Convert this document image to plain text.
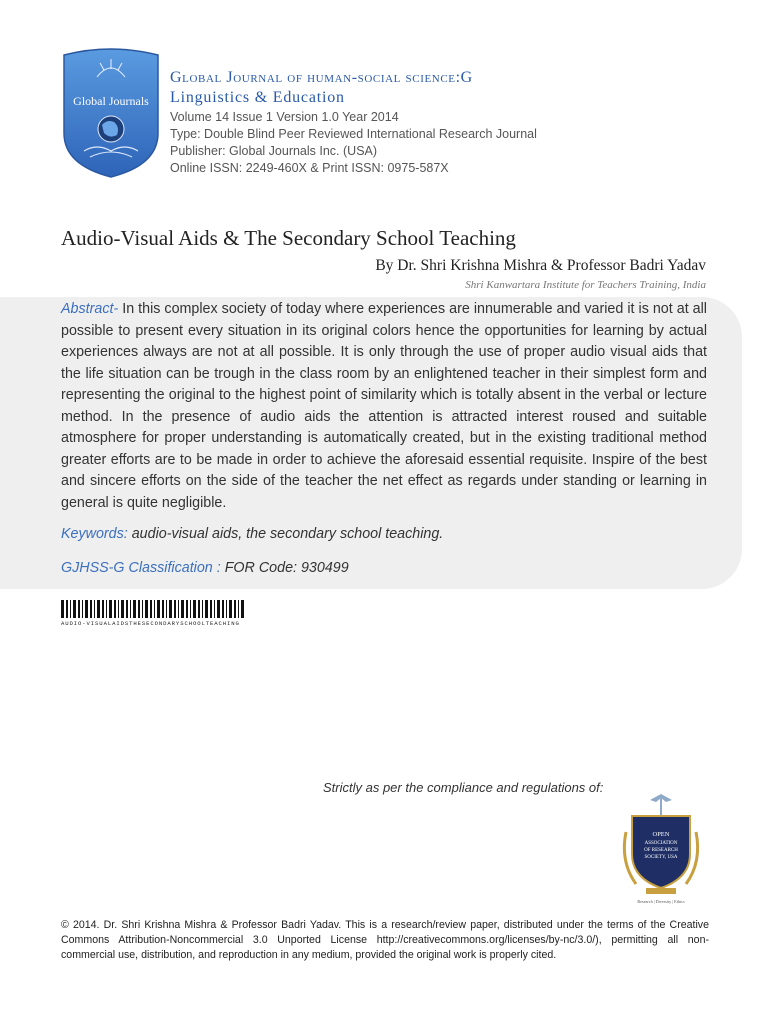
Global Journals
Global Journal of human-social science:G
Linguistics & Education
Volume 14 Issue 1 Version 1.0 Year 2014
Type: Double Blind Peer Reviewed International Research Journal
Publisher: Global Journals Inc. (USA)
Online ISSN: 2249-460X & Print ISSN: 0975-587X
Audio-Visual Aids & The Secondary School Teaching
By Dr. Shri Krishna Mishra & Professor Badri Yadav
Shri Kanwartara Institute for Teachers Training, India
Abstract- In this complex society of today where experiences are innumerable and varied it is not at all possible to present every situation in its original colors hence the opportunities for learning by actual experiences always are not at all possible. It is only through the use of proper audio visual aids that the life situation can be trough in the class room by an enlightened teacher in their simplest form and representing the original to the highest point of similarity which is totally absent in the verbal or lecture method. In the presence of audio aids the attention is attracted interest roused and suitable atmosphere for proper understanding is automatically created, but in the existing traditional method greater efforts are to be made in order to achieve the aforesaid essential requisite. Inspire of the best and sincere efforts on the side of the teacher the net effect as regards under standing or learning in general is quite negligible.
Keywords: audio-visual aids, the secondary school teaching.
GJHSS-G Classification : FOR Code: 930499
AUDIO-VISUALAIDSTHESECONDARYSCHOOLTEACHING
Strictly as per the compliance and regulations of:
OPEN
ASSOCIATION
OF RESEARCH
SOCIETY, USA
Research | Diversity | Ethics
© 2014. Dr. Shri Krishna Mishra & Professor Badri Yadav. This is a research/review paper, distributed under the terms of the Creative Commons Attribution-Noncommercial 3.0 Unported License http://creativecommons.org/licenses/by-nc/3.0/), permitting all non-commercial use, distribution, and reproduction in any medium, provided the original work is properly cited.
